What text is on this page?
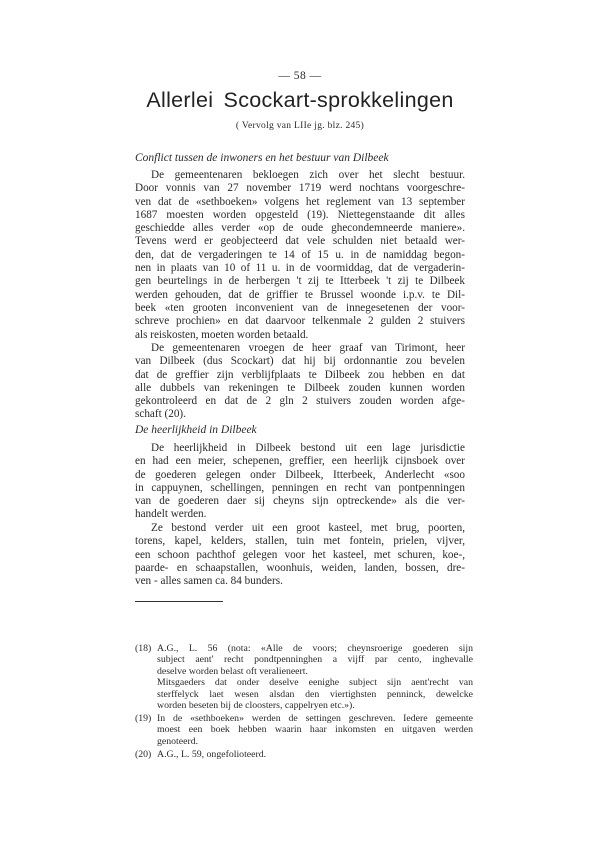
— 58 —
Allerlei Scockart-sprokkelingen
( Vervolg van LIIe jg. blz. 245)
Conflict tussen de inwoners en het bestuur van Dilbeek
De gemeentenaren bekloegen zich over het slecht bestuur.
Door vonnis van 27 november 1719 werd nochtans voorgeschre-
ven dat de «sethboeken» volgens het reglement van 13 september
1687 moesten worden opgesteld (19). Niettegenstaande dit alles
geschiedde alles verder «op de oude ghecondemneerde maniere».
Tevens werd er geobjecteerd dat vele schulden niet betaald wer-
den, dat de vergaderingen te 14 of 15 u. in de namiddag begon-
nen in plaats van 10 of 11 u. in de voormiddag, dat de vergaderin-
gen beurtelings in de herbergen 't zij te Itterbeek 't zij te Dilbeek
werden gehouden, dat de griffier te Brussel woonde i.p.v. te Dil-
beek «ten grooten inconvenient van de innegesetenen der voor-
schreve prochien» en dat daarvoor telkenmale 2 gulden 2 stuivers
als reiskosten, moeten worden betaald.
De gemeentenaren vroegen de heer graaf van Tirimont, heer
van Dilbeek (dus Scockart) dat hij bij ordonnantie zou bevelen
dat de greffier zijn verblijfplaats te Dilbeek zou hebben en dat
alle dubbels van rekeningen te Dilbeek zouden kunnen worden
gekontroleerd en dat de 2 gln 2 stuivers zouden worden afge-
schaft (20).
De heerlijkheid in Dilbeek
De heerlijkheid in Dilbeek bestond uit een lage jurisdictie
en had een meier, schepenen, greffier, een heerlijk cijnsboek over
de goederen gelegen onder Dilbeek, Itterbeek, Anderlecht «soo
in cappuynen, schellingen, penningen en recht van pontpenningen
van de goederen daer sij cheyns sijn optreckende» als die ver-
handelt werden.
Ze bestond verder uit een groot kasteel, met brug, poorten,
torens, kapel, kelders, stallen, tuin met fontein, prielen, vijver,
een schoon pachthof gelegen voor het kasteel, met schuren, koe-,
paarde- en schaapstallen, woonhuis, weiden, landen, bossen, dre-
ven - alles samen ca. 84 bunders.
(18) A.G., L. 56 (nota: «Alle de voors; cheynsroerige goederen sijn
subject aent' recht pondtpenninghen a vijff par cento, inghevalle
deselve worden belast oft veralieneert.
Mitsgaeders dat onder deselve eenighe subject sijn aent'recht van
sterffelyck laet wesen alsdan den viertighsten penninck, dewelcke
worden beseten bij de cloosters, cappelryen etc.»).
(19) In de «sethboeken» werden de settingen geschreven. Iedere gemeente
moest een boek hebben waarin haar inkomsten en uitgaven werden
genoteerd.
(20) A.G., L. 59, ongefolioteerd.
